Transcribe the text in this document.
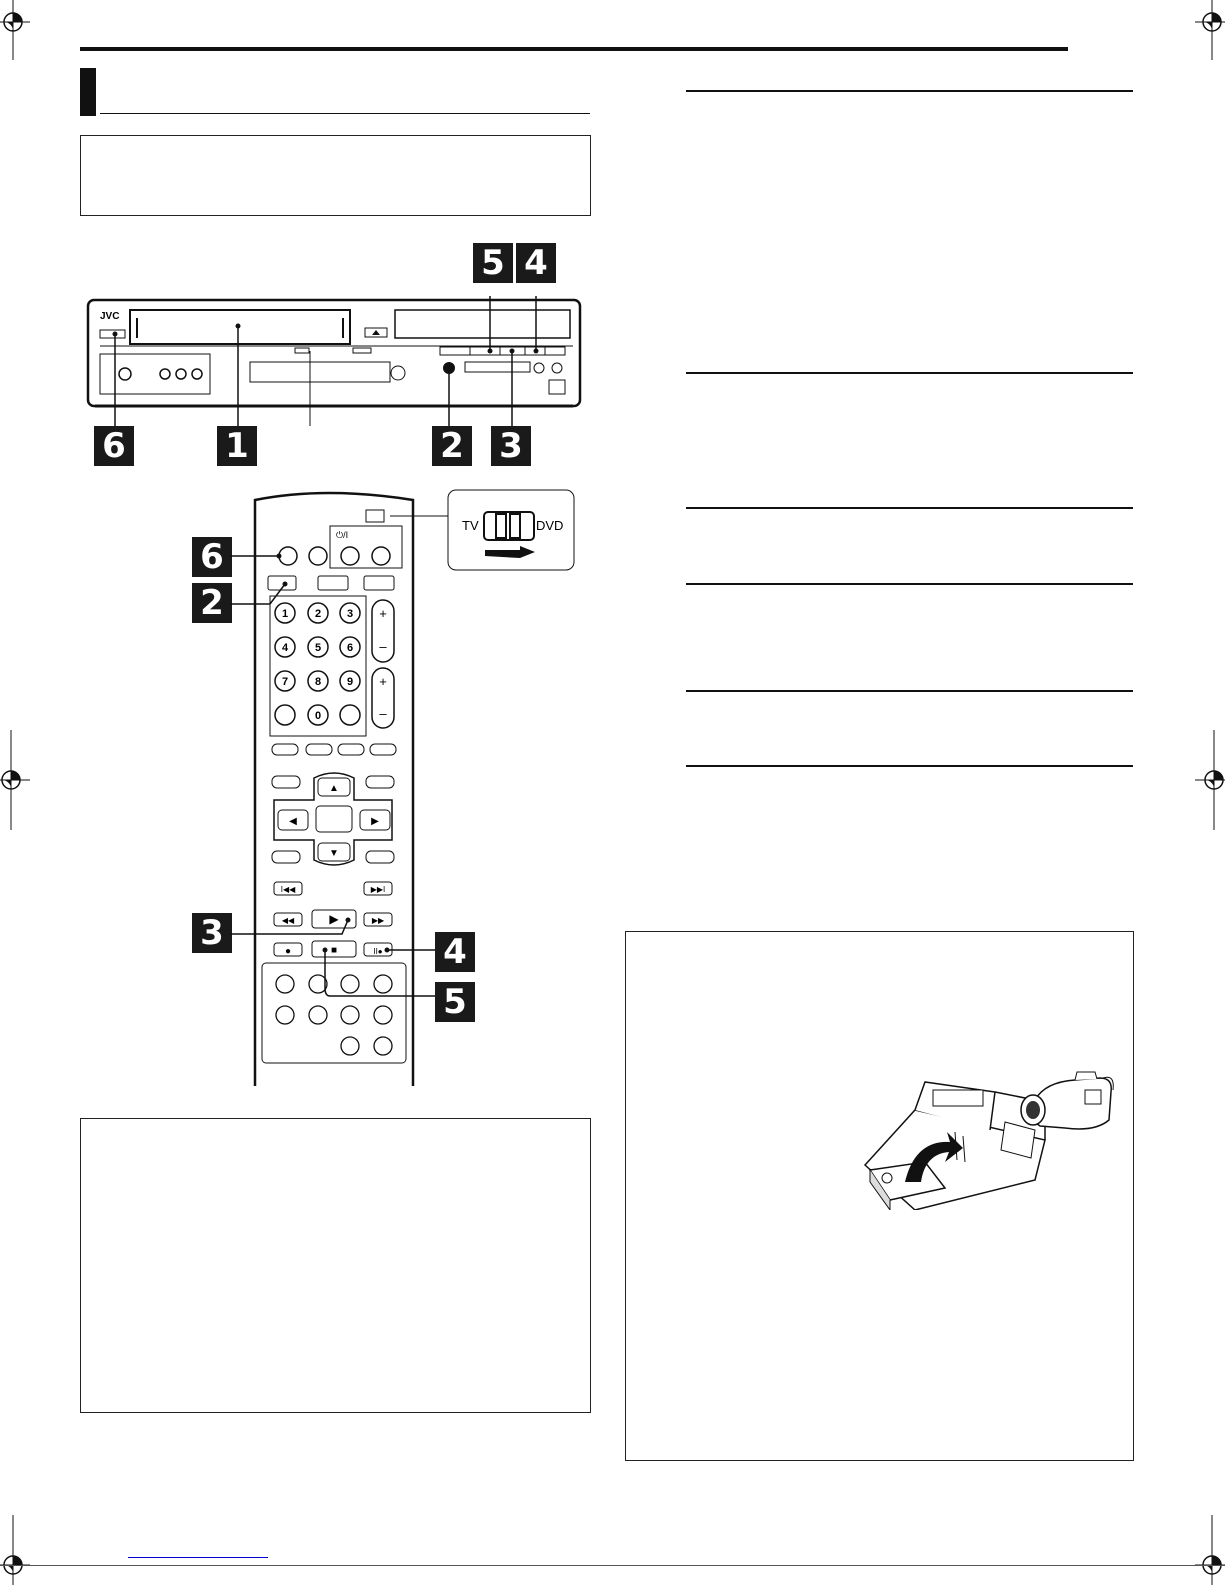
5 4
6	1	2 3
JVC
6
2
3	4
5
TV	DVD
⏻/I
1 2 3
4 5 6
7 8 9
0
+
–
+
–
▲
▼
◀	▶
I◀◀	▶▶I
◀◀	▶	▶▶
●	■	II●
